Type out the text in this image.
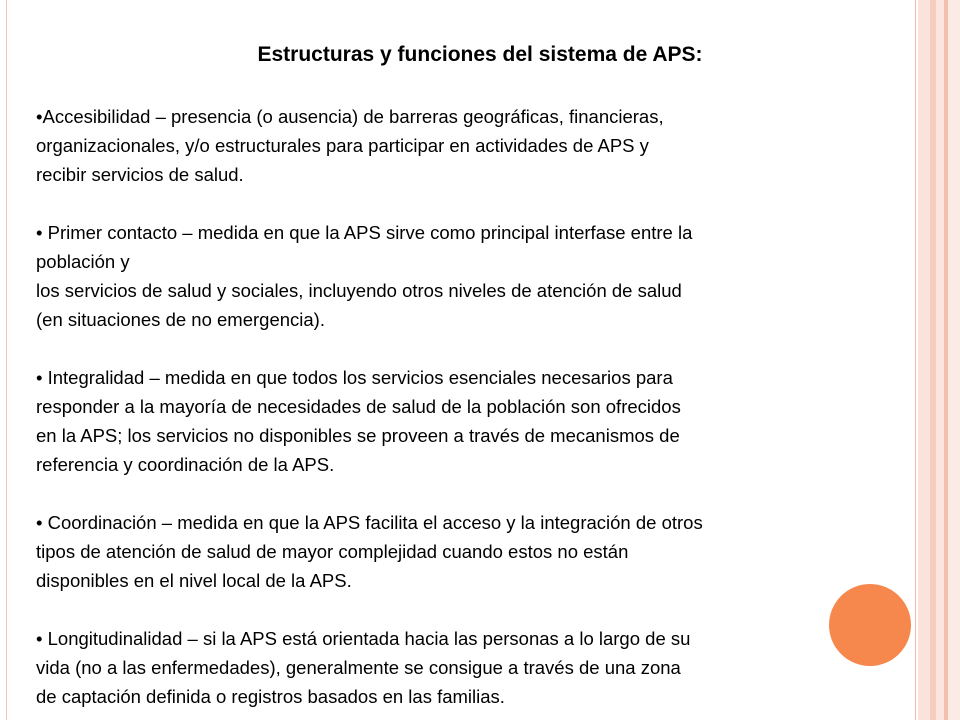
Estructuras y funciones del sistema de APS:

•Accesibilidad – presencia (o ausencia) de barreras geográficas, financieras,
organizacionales, y/o estructurales para participar en actividades de APS y
recibir servicios de salud.

• Primer contacto – medida en que la APS sirve como principal interfase entre la
población y
los servicios de salud y sociales, incluyendo otros niveles de atención de salud
(en situaciones de no emergencia).

• Integralidad – medida en que todos los servicios esenciales necesarios para
responder a la mayoría de necesidades de salud de la población son ofrecidos
en la APS; los servicios no disponibles se proveen a través de mecanismos de
referencia y coordinación de la APS.

• Coordinación – medida en que la APS facilita el acceso y la integración de otros
tipos de atención de salud de mayor complejidad cuando estos no están
disponibles en el nivel local de la APS.

• Longitudinalidad – si la APS está orientada hacia las personas a lo largo de su
vida (no a las enfermedades), generalmente se consigue a través de una zona
de captación definida o registros basados en las familias.
